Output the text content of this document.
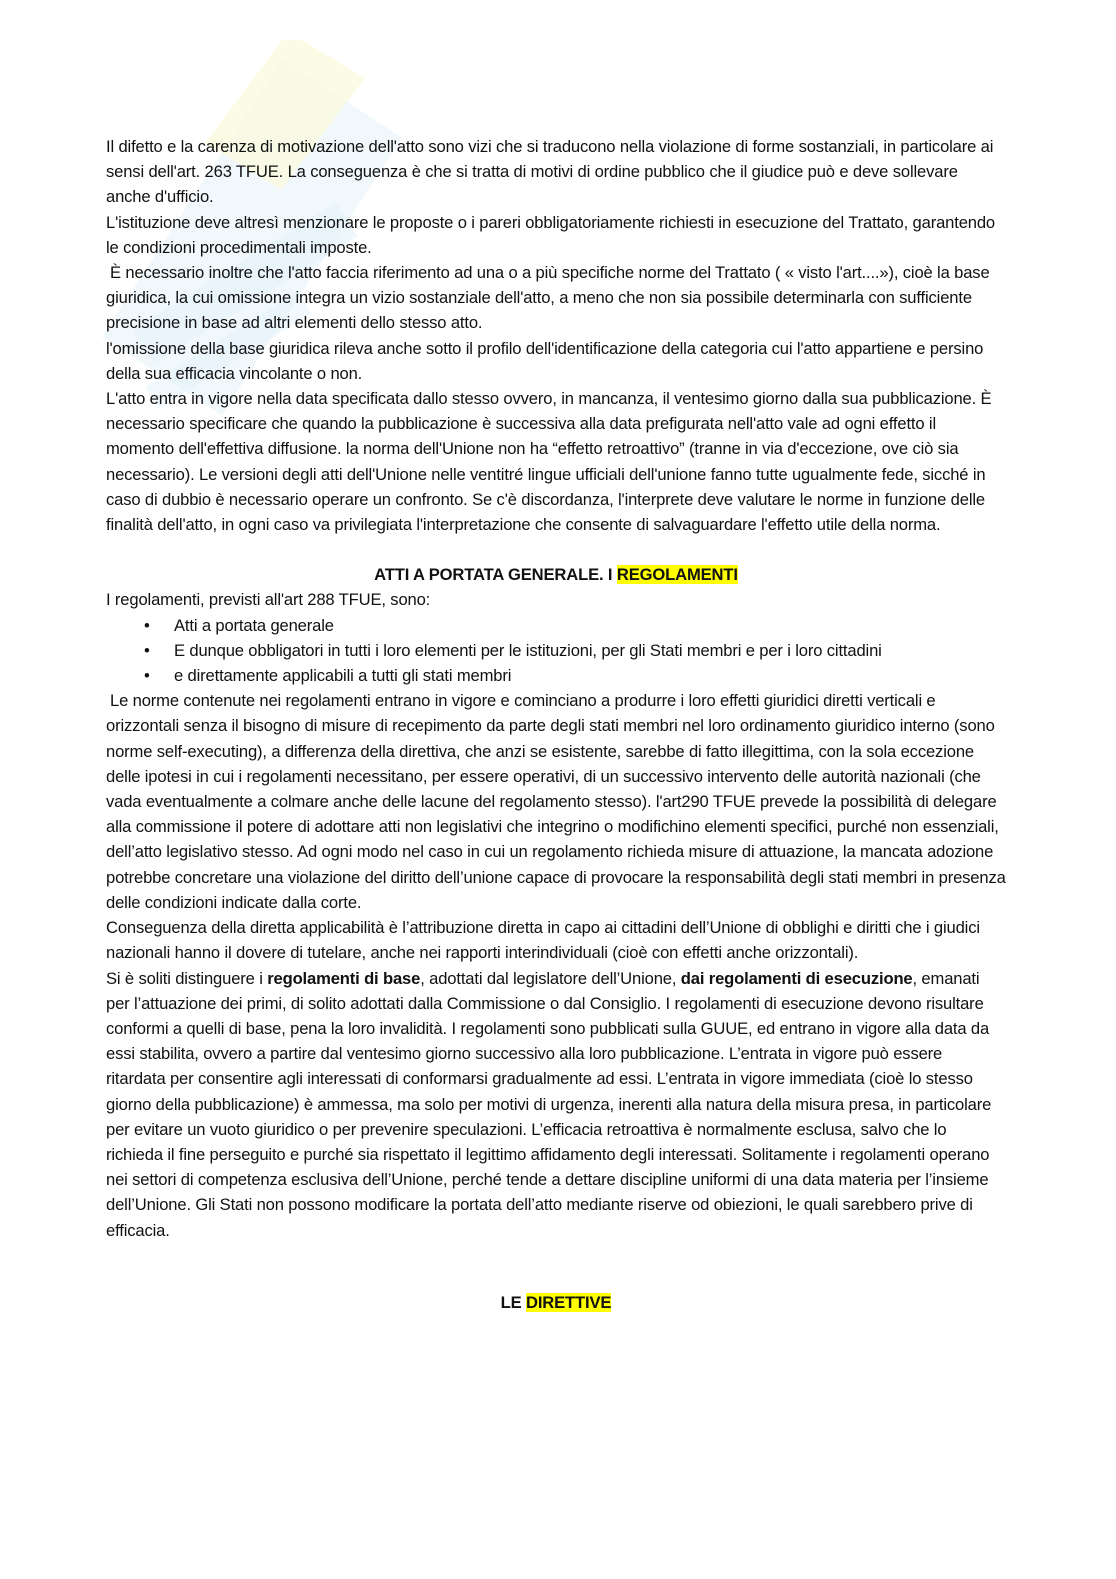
Il difetto e la carenza di motivazione dell'atto sono vizi che si traducono nella violazione di forme sostanziali, in particolare ai sensi dell'art. 263 TFUE. La conseguenza è che si tratta di motivi di ordine pubblico che il giudice può e deve sollevare anche d'ufficio.

L'istituzione deve altresì menzionare le proposte o i pareri obbligatoriamente richiesti in esecuzione del Trattato, garantendo le condizioni procedimentali imposte.

È necessario inoltre che l'atto faccia riferimento ad una o a più specifiche norme del Trattato ( « visto l'art....»), cioè la base giuridica, la cui omissione integra un vizio sostanziale dell'atto, a meno che non sia possibile determinarla con sufficiente precisione in base ad altri elementi dello stesso atto.

l'omissione della base giuridica rileva anche sotto il profilo dell'identificazione della categoria cui l'atto appartiene e persino della sua efficacia vincolante o non.

L'atto entra in vigore nella data specificata dallo stesso ovvero, in mancanza, il ventesimo giorno dalla sua pubblicazione. È necessario specificare che quando la pubblicazione è successiva alla data prefigurata nell'atto vale ad ogni effetto il momento dell'effettiva diffusione. la norma dell'Unione non ha “effetto retroattivo” (tranne in via d'eccezione, ove ciò sia necessario). Le versioni degli atti dell'Unione nelle ventitré lingue ufficiali dell'unione fanno tutte ugualmente fede, sicché in caso di dubbio è necessario operare un confronto. Se c'è discordanza, l'interprete deve valutare le norme in funzione delle finalità dell'atto, in ogni caso va privilegiata l'interpretazione che consente di salvaguardare l'effetto utile della norma.

ATTI A PORTATA GENERALE. I REGOLAMENTI

I regolamenti, previsti all'art 288 TFUE, sono:

• Atti a portata generale
• E dunque obbligatori in tutti i loro elementi per le istituzioni, per gli Stati membri e per i loro cittadini
• e direttamente applicabili a tutti gli stati membri

Le norme contenute nei regolamenti entrano in vigore e cominciano a produrre i loro effetti giuridici diretti verticali e orizzontali senza il bisogno di misure di recepimento da parte degli stati membri nel loro ordinamento giuridico interno (sono norme self-executing), a differenza della direttiva, che anzi se esistente, sarebbe di fatto illegittima, con la sola eccezione delle ipotesi in cui i regolamenti necessitano, per essere operativi, di un successivo intervento delle autorità nazionali (che vada eventualmente a colmare anche delle lacune del regolamento stesso). l'art290 TFUE prevede la possibilità di delegare alla commissione il potere di adottare atti non legislativi che integrino o modifichino elementi specifici, purché non essenziali, dell’atto legislativo stesso. Ad ogni modo nel caso in cui un regolamento richieda misure di attuazione, la mancata adozione potrebbe concretare una violazione del diritto dell’unione capace di provocare la responsabilità degli stati membri in presenza delle condizioni indicate dalla corte.

Conseguenza della diretta applicabilità è l’attribuzione diretta in capo ai cittadini dell’Unione di obblighi e diritti che i giudici nazionali hanno il dovere di tutelare, anche nei rapporti interindividuali (cioè con effetti anche orizzontali).

Si è soliti distinguere i regolamenti di base, adottati dal legislatore dell’Unione, dai regolamenti di esecuzione, emanati per l’attuazione dei primi, di solito adottati dalla Commissione o dal Consiglio. I regolamenti di esecuzione devono risultare conformi a quelli di base, pena la loro invalidità. I regolamenti sono pubblicati sulla GUUE, ed entrano in vigore alla data da essi stabilita, ovvero a partire dal ventesimo giorno successivo alla loro pubblicazione. L’entrata in vigore può essere ritardata per consentire agli interessati di conformarsi gradualmente ad essi. L’entrata in vigore immediata (cioè lo stesso giorno della pubblicazione) è ammessa, ma solo per motivi di urgenza, inerenti alla natura della misura presa, in particolare per evitare un vuoto giuridico o per prevenire speculazioni. L’efficacia retroattiva è normalmente esclusa, salvo che lo richieda il fine perseguito e purché sia rispettato il legittimo affidamento degli interessati. Solitamente i regolamenti operano nei settori di competenza esclusiva dell’Unione, perché tende a dettare discipline uniformi di una data materia per l’insieme dell’Unione. Gli Stati non possono modificare la portata dell’atto mediante riserve od obiezioni, le quali sarebbero prive di efficacia.

LE DIRETTIVE
